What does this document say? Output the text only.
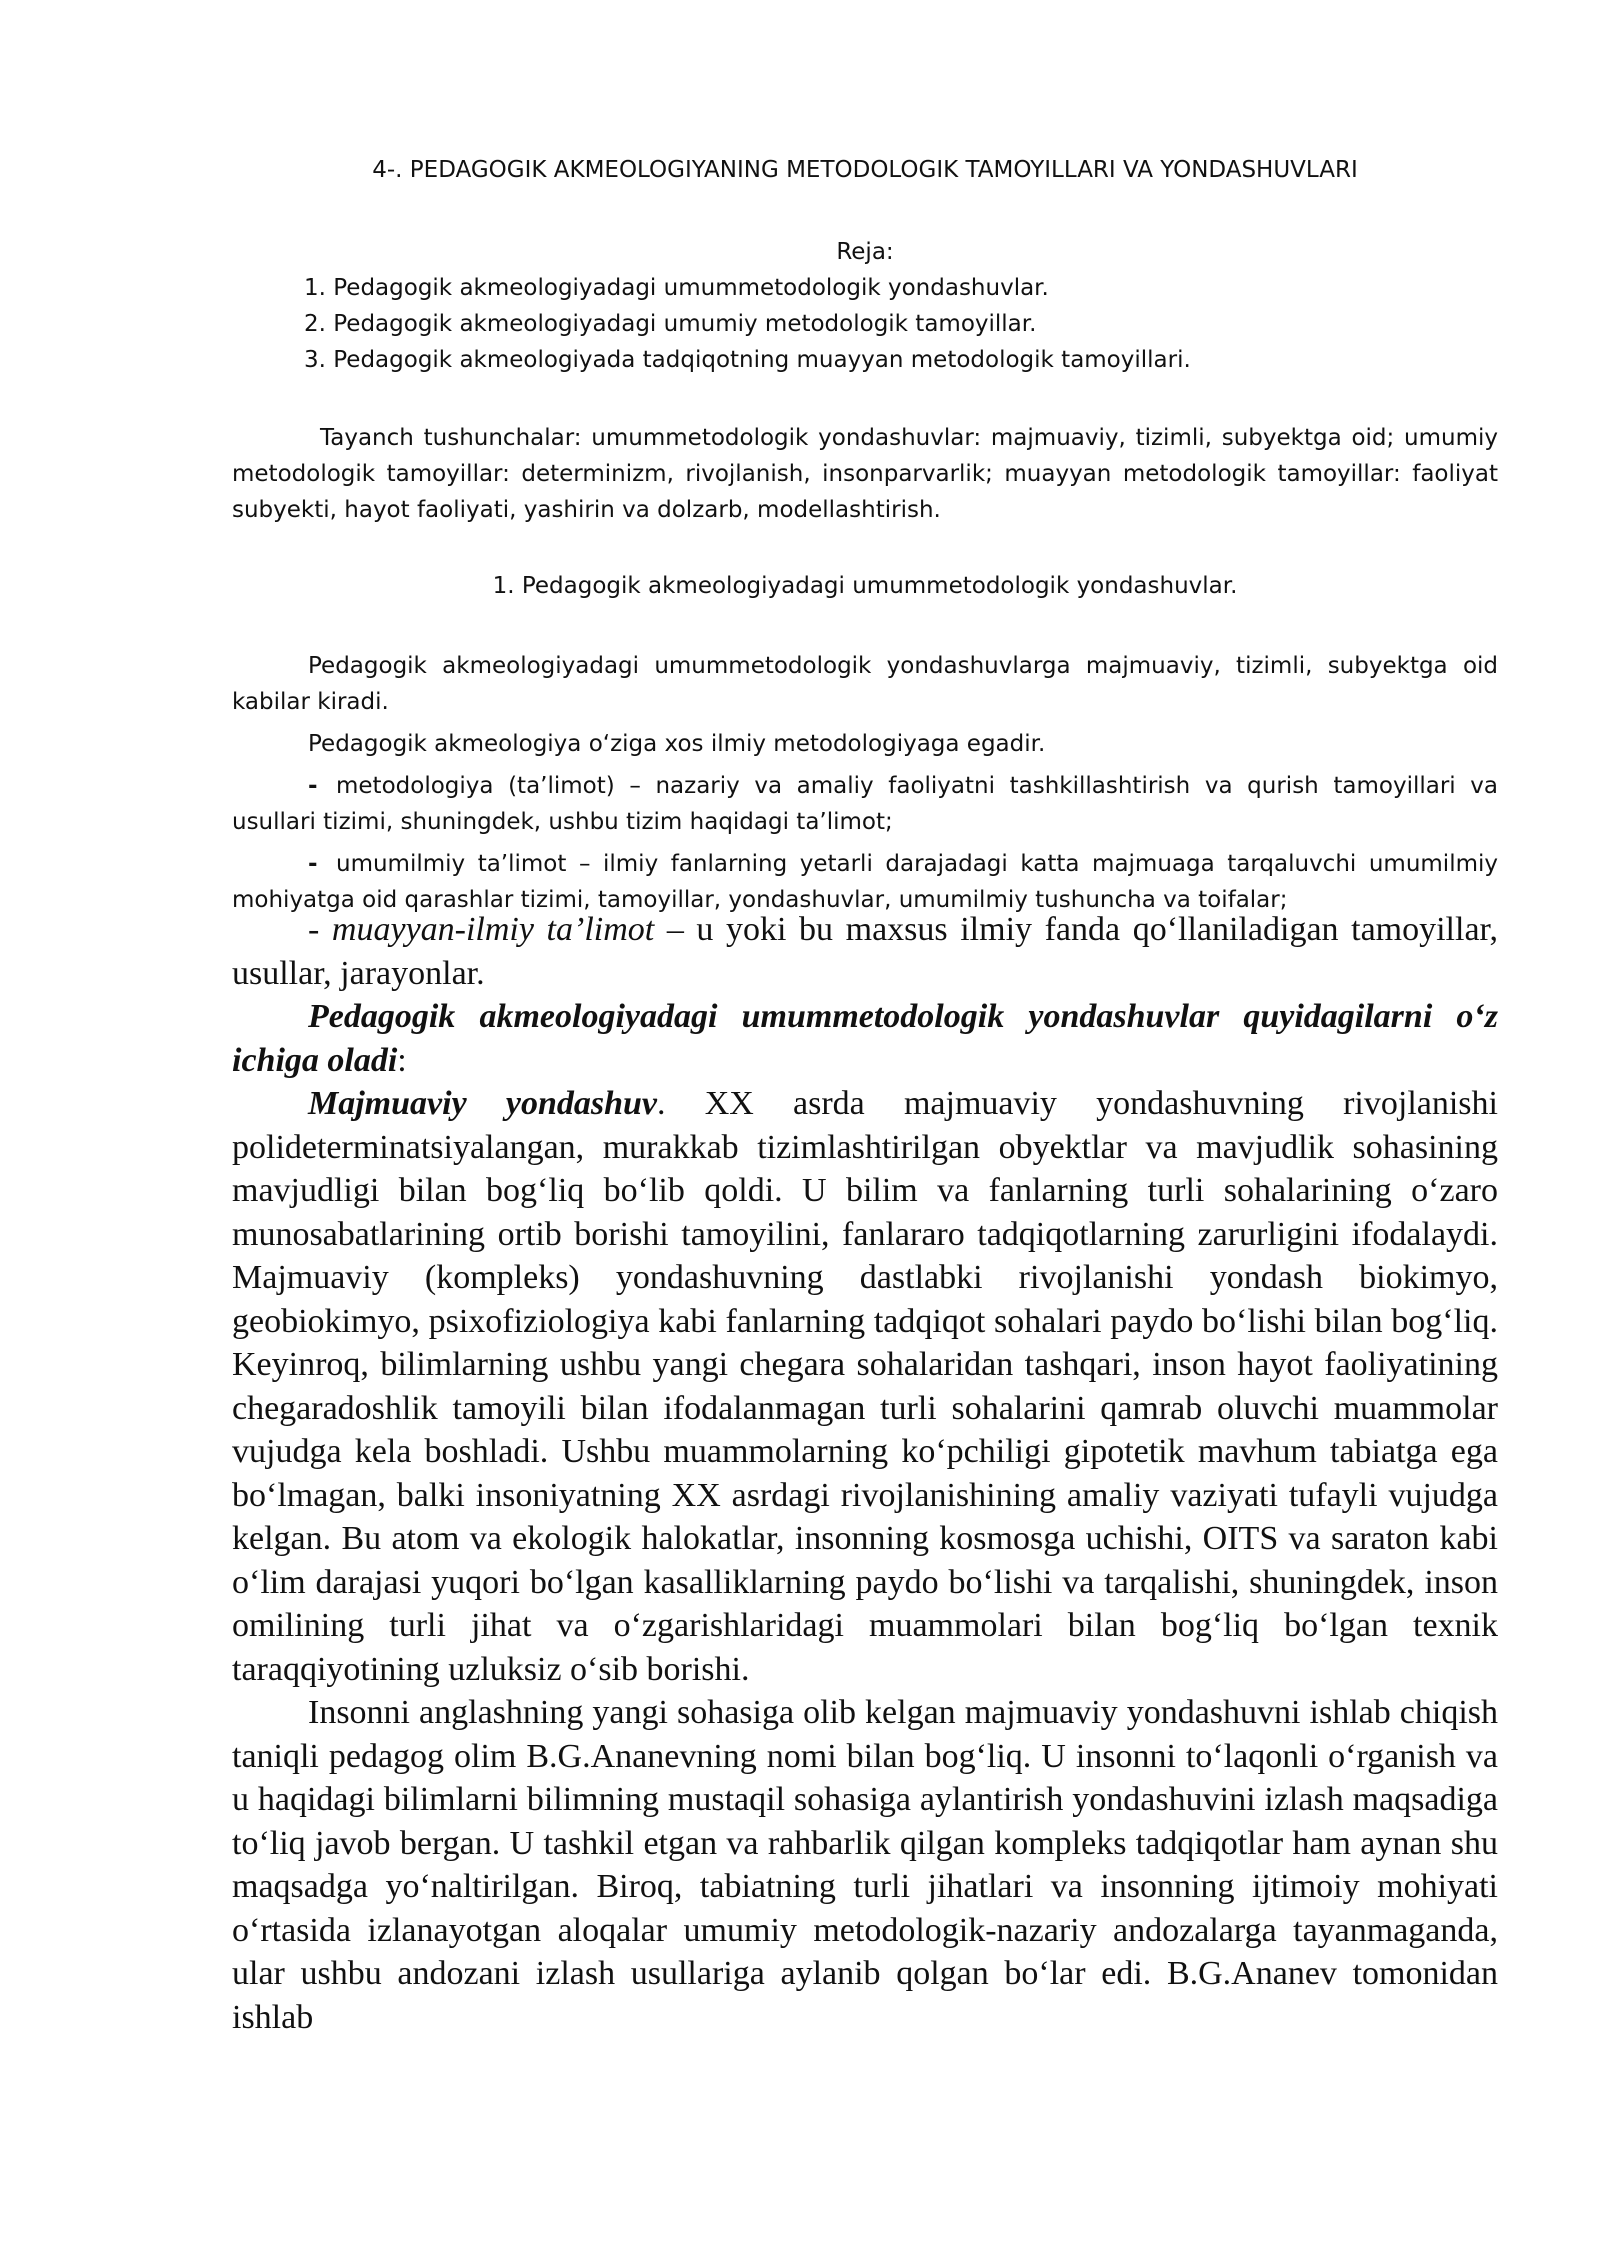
4-. PEDAGOGIK AKMEOLOGIYANING METODOLOGIK TAMOYILLARI VA YONDASHUVLARI
Reja:

1. Pedagogik akmeologiyadagi umummetodologik yondashuvlar.

2. Pedagogik akmeologiyadagi umumiy metodologik tamoyillar.

3. Pedagogik akmeologiyada tadqiqotning muayyan metodologik tamoyillari.

Tayanch tushunchalar: umummetodologik yondashuvlar: majmuaviy, tizimli, subyektga oid; umumiy metodologik tamoyillar: determinizm, rivojlanish, insonparvarlik; muayyan metodologik tamoyillar: faoliyat subyekti, hayot faoliyati, yashirin va dolzarb, modellashtirish.

1. Pedagogik akmeologiyadagi umummetodologik yondashuvlar.

Pedagogik akmeologiyadagi umummetodologik yondashuvlarga majmuaviy, tizimli, subyektga oid kabilar kiradi.

Pedagogik akmeologiya o‘ziga xos ilmiy metodologiyaga egadir.

- metodologiya (ta’limot) – nazariy va amaliy faoliyatni tashkillashtirish va qurish tamoyillari va usullari tizimi, shuningdek, ushbu tizim haqidagi ta’limot;

- umumilmiy ta’limot – ilmiy fanlarning yetarli darajadagi katta majmuaga tarqaluvchi umumilmiy mohiyatga oid qarashlar tizimi, tamoyillar, yondashuvlar, umumilmiy tushuncha va toifalar;

- muayyan-ilmiy ta’limot – u yoki bu maxsus ilmiy fanda qo‘llaniladigan tamoyillar, usullar, jarayonlar.

Pedagogik akmeologiyadagi umummetodologik yondashuvlar quyidagilarni o‘z ichiga oladi:

Majmuaviy yondashuv. XX asrda majmuaviy yondashuvning rivojlanishi polideterminatsiyalangan, murakkab tizimlashtirilgan obyektlar va mavjudlik sohasining mavjudligi bilan bog‘liq bo‘lib qoldi. U bilim va fanlarning turli sohalarining o‘zaro munosabatlarining ortib borishi tamoyilini, fanlararo tadqiqotlarning zarurligini ifodalaydi. Majmuaviy (kompleks) yondashuvning dastlabki rivojlanishi yondash biokimyo, geobiokimyo, psixofiziologiya kabi fanlarning tadqiqot sohalari paydo bo‘lishi bilan bog‘liq. Keyinroq, bilimlarning ushbu yangi chegara sohalaridan tashqari, inson hayot faoliyatining chegaradoshlik tamoyili bilan ifodalanmagan turli sohalarini qamrab oluvchi muammolar vujudga kela boshladi. Ushbu muammolarning ko‘pchiligi gipotetik mavhum tabiatga ega bo‘lmagan, balki insoniyatning XX asrdagi rivojlanishining amaliy vaziyati tufayli vujudga kelgan. Bu atom va ekologik halokatlar, insonning kosmosga uchishi, OITS va saraton kabi o‘lim darajasi yuqori bo‘lgan kasalliklarning paydo bo‘lishi va tarqalishi, shuningdek, inson omilining turli jihat va o‘zgarishlaridagi muammolari bilan bog‘liq bo‘lgan texnik taraqqiyotining uzluksiz o‘sib borishi.

Insonni anglashning yangi sohasiga olib kelgan majmuaviy yondashuvni ishlab chiqish taniqli pedagog olim B.G.Ananevning nomi bilan bog‘liq. U insonni to‘laqonli o‘rganish va u haqidagi bilimlarni bilimning mustaqil sohasiga aylantirish yondashuvini izlash maqsadiga to‘liq javob bergan. U tashkil etgan va rahbarlik qilgan kompleks tadqiqotlar ham aynan shu maqsadga yo‘naltirilgan. Biroq, tabiatning turli jihatlari va insonning ijtimoiy mohiyati o‘rtasida izlanayotgan aloqalar umumiy metodologik-nazariy andozalarga tayanmaganda, ular ushbu andozani izlash usullariga aylanib qolgan bo‘lar edi. B.G.Ananev tomonidan ishlab
